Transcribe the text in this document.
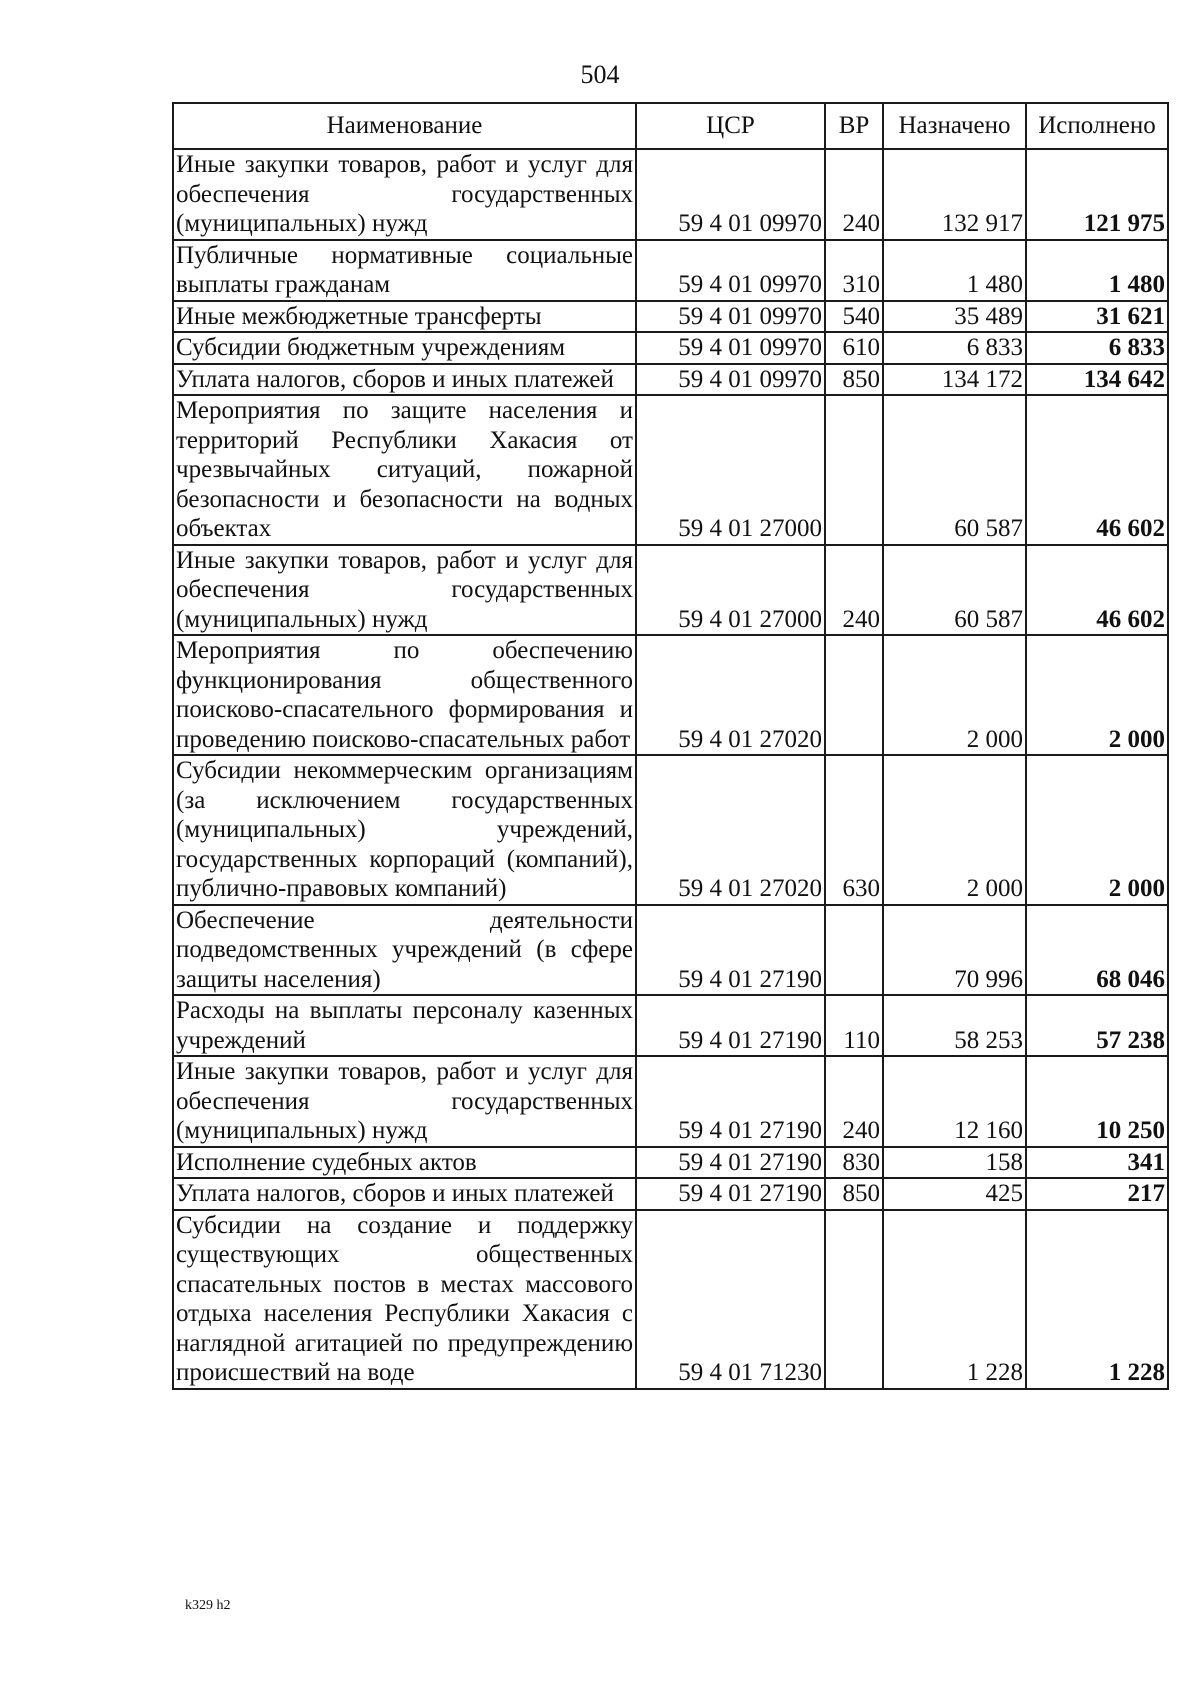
504
Наименование	ЦСР	ВР	Назначено	Исполнено
Иные закупки товаров, работ и услуг для обеспечения государственных (муниципальных) нужд	59 4 01 09970	240	132 917	121 975
Публичные нормативные социальные выплаты гражданам	59 4 01 09970	310	1 480	1 480
Иные межбюджетные трансферты	59 4 01 09970	540	35 489	31 621
Субсидии бюджетным учреждениям	59 4 01 09970	610	6 833	6 833
Уплата налогов, сборов и иных платежей	59 4 01 09970	850	134 172	134 642
Мероприятия по защите населения и территорий Республики Хакасия от чрезвычайных ситуаций, пожарной безопасности и безопасности на водных объектах	59 4 01 27000		60 587	46 602
Иные закупки товаров, работ и услуг для обеспечения государственных (муниципальных) нужд	59 4 01 27000	240	60 587	46 602
Мероприятия по обеспечению функционирования общественного поисково-спасательного формирования и проведению поисково-спасательных работ	59 4 01 27020		2 000	2 000
Субсидии некоммерческим организациям (за исключением государственных (муниципальных) учреждений, государственных корпораций (компаний), публично-правовых компаний)	59 4 01 27020	630	2 000	2 000
Обеспечение деятельности подведомственных учреждений (в сфере защиты населения)	59 4 01 27190		70 996	68 046
Расходы на выплаты персоналу казенных учреждений	59 4 01 27190	110	58 253	57 238
Иные закупки товаров, работ и услуг для обеспечения государственных (муниципальных) нужд	59 4 01 27190	240	12 160	10 250
Исполнение судебных актов	59 4 01 27190	830	158	341
Уплата налогов, сборов и иных платежей	59 4 01 27190	850	425	217
Субсидии на создание и поддержку существующих общественных спасательных постов в местах массового отдыха населения Республики Хакасия с наглядной агитацией по предупреждению происшествий на воде	59 4 01 71230		1 228	1 228
k329 h2
